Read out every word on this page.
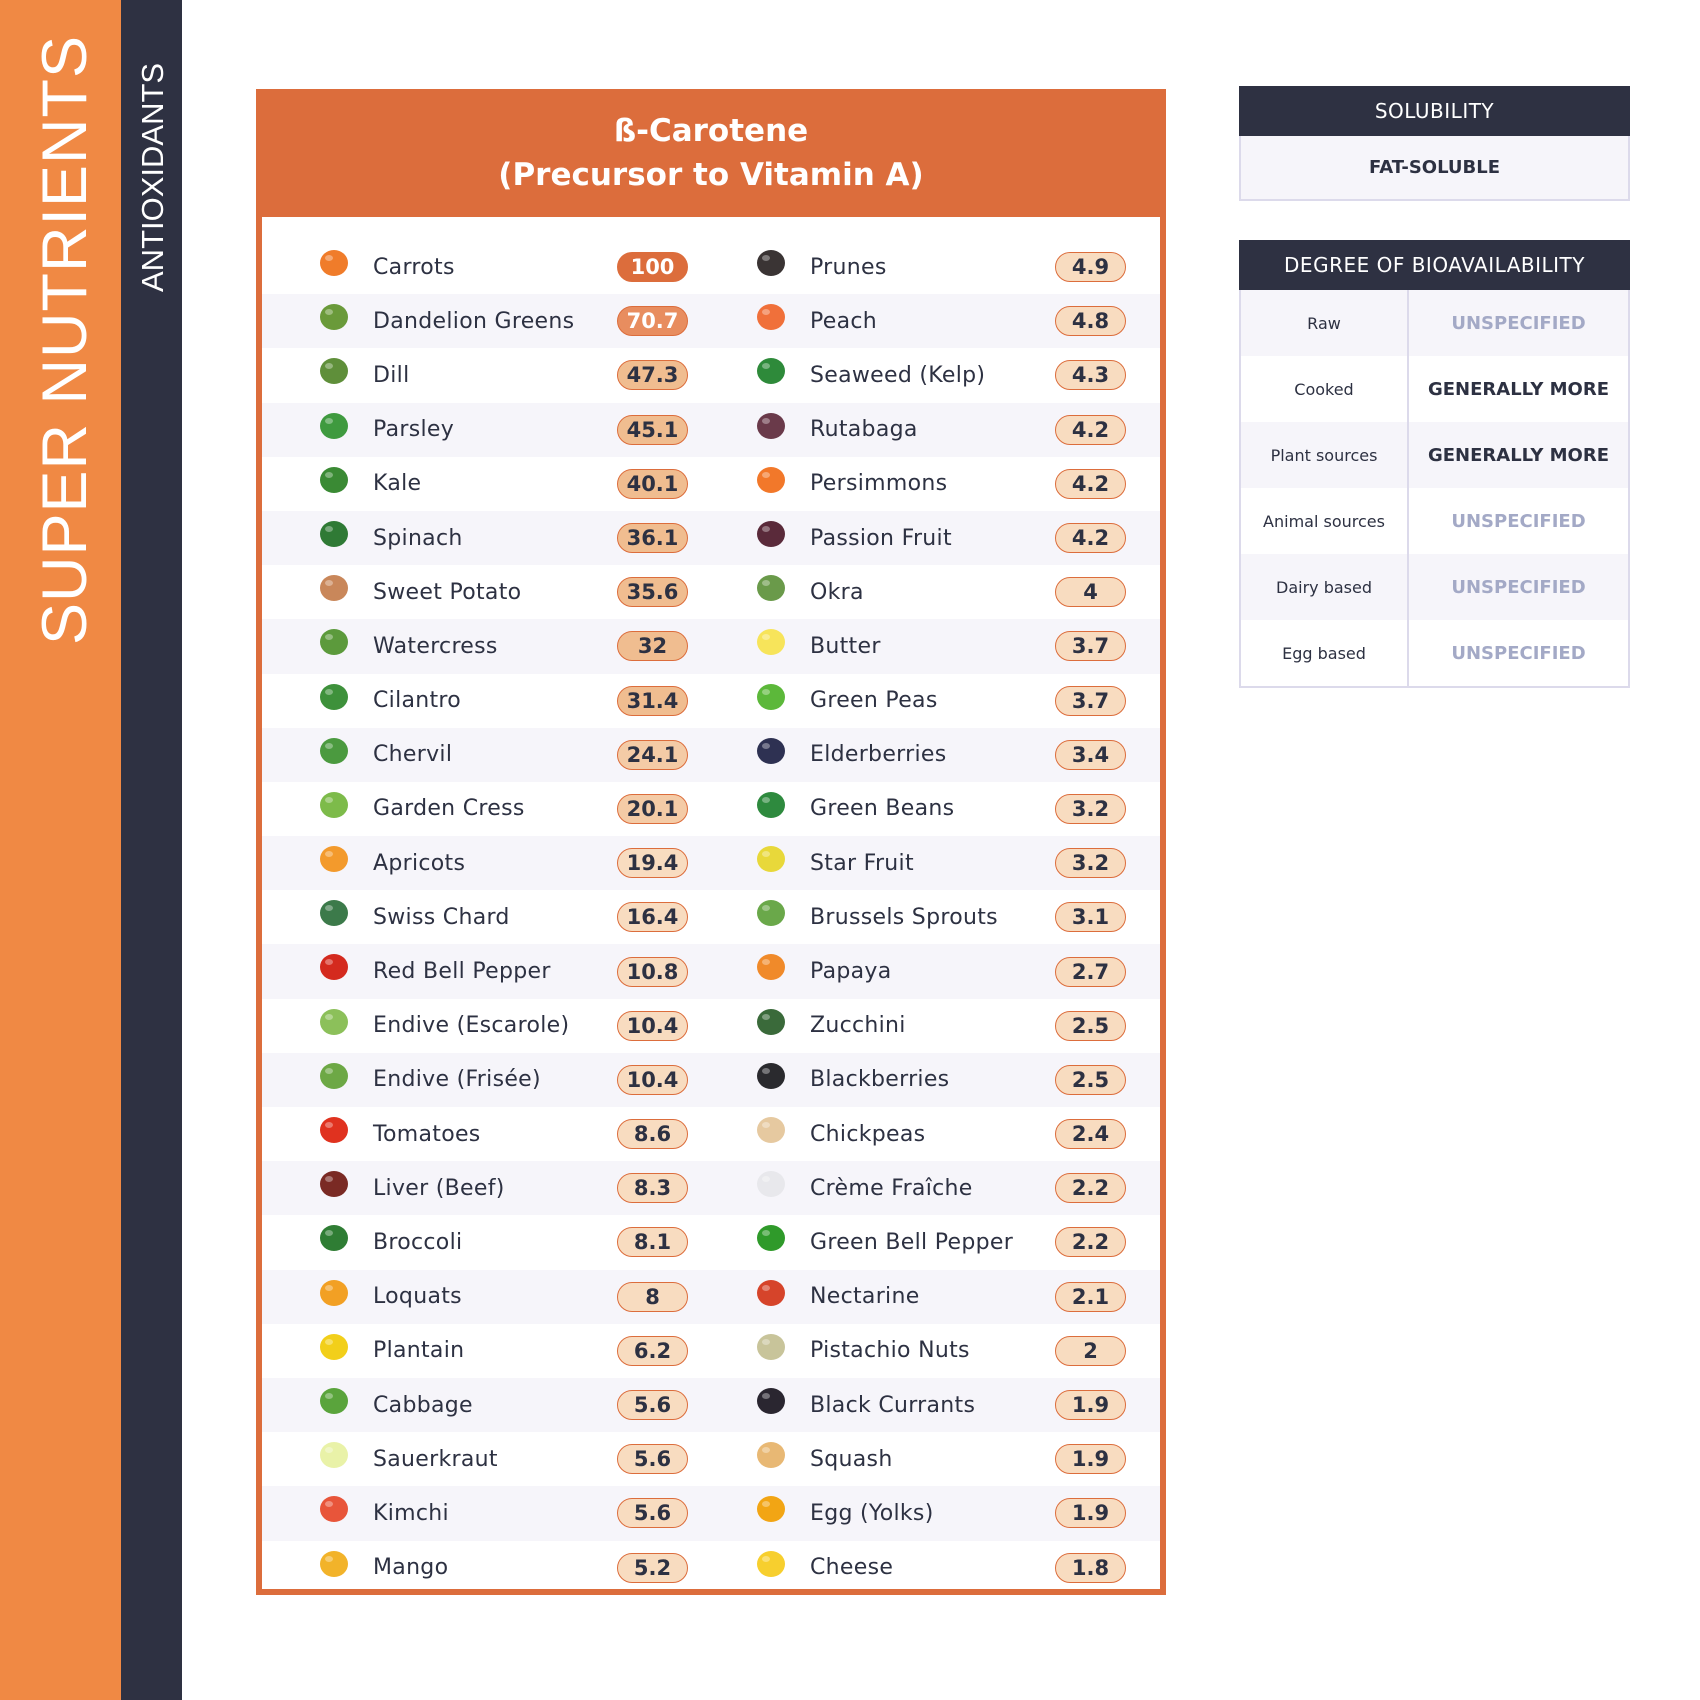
SUPER NUTRIENTS ANTIOXIDANTS	ß-Carotene
(Precursor to Vitamin A)
Carrots	100	Prunes	4.9
Dandelion Greens	70.7	Peach	4.8
Dill	47.3	Seaweed (Kelp)	4.3
Parsley	45.1	Rutabaga	4.2
Kale	40.1	Persimmons	4.2
Spinach	36.1	Passion Fruit	4.2
Sweet Potato	35.6	Okra	4
Watercress	32	Butter	3.7
Cilantro	31.4	Green Peas	3.7
Chervil	24.1	Elderberries	3.4
Garden Cress	20.1	Green Beans	3.2
Apricots	19.4	Star Fruit	3.2
Swiss Chard	16.4	Brussels Sprouts	3.1
Red Bell Pepper	10.8	Papaya	2.7
Endive (Escarole)	10.4	Zucchini	2.5
Endive (Frisée)	10.4	Blackberries	2.5
Tomatoes	8.6	Chickpeas	2.4
Liver (Beef)	8.3	Crème Fraîche	2.2
Broccoli	8.1	Green Bell Pepper	2.2
Loquats	8	Nectarine	2.1
Plantain	6.2	Pistachio Nuts	2
Cabbage	5.6	Black Currants	1.9
Sauerkraut	5.6	Squash	1.9
Kimchi	5.6	Egg (Yolks)	1.9
Mango	5.2	Cheese	1.8
SOLUBILITY
FAT-SOLUBLE
DEGREE OF BIOAVAILABILITY
Raw	UNSPECIFIED
Cooked	GENERALLY MORE
Plant sources	GENERALLY MORE
Animal sources	UNSPECIFIED
Dairy based	UNSPECIFIED
Egg based	UNSPECIFIED
